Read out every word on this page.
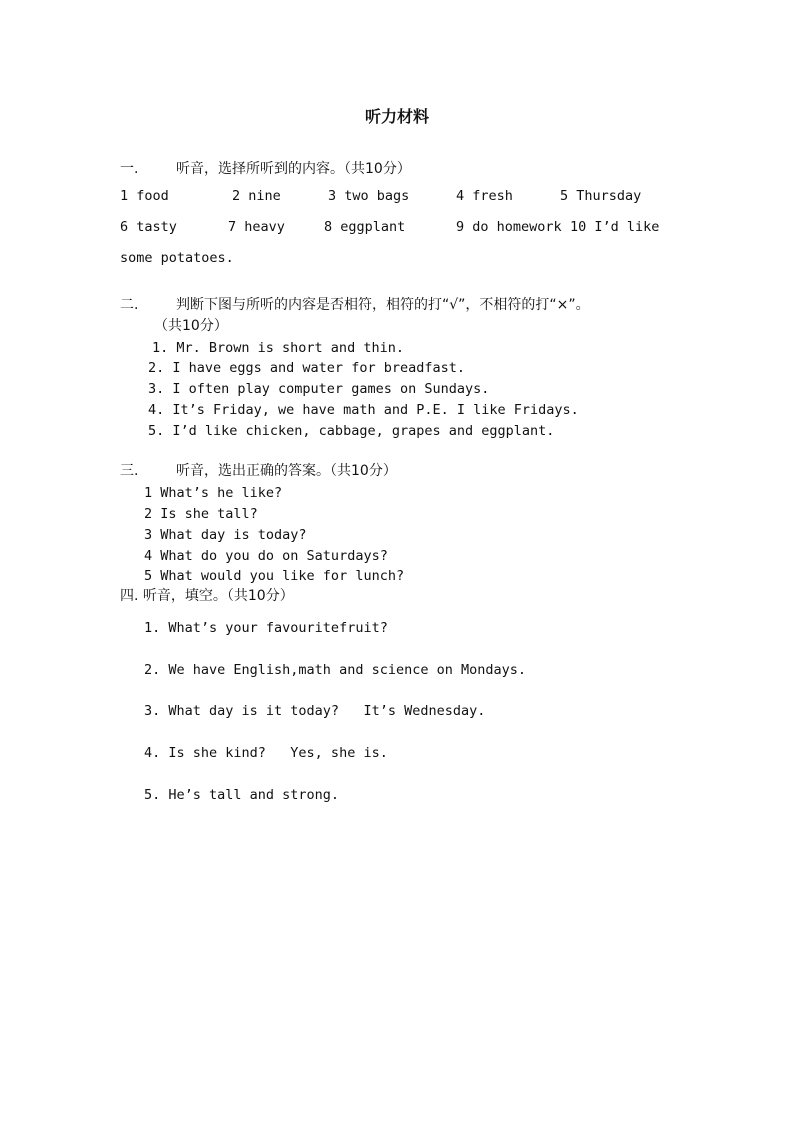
听力材料
一.	听音，选择所听到的内容。（共10分）
1 food	2 nine	3 two bags	4 fresh	5 Thursday
6 tasty	7 heavy	8 eggplant	9 do homework 10 I’d like
some potatoes.
二.	判断下图与所听的内容是否相符，相符的打“√”，不相符的打“×”。
（共10分）
1. Mr. Brown is short and thin.
2. I have eggs and water for breadfast.
3. I often play computer games on Sundays.
4. It’s Friday, we have math and P.E. I like Fridays.
5. I’d like chicken, cabbage, grapes and eggplant.
三.	听音，选出正确的答案。（共10分）
1 What’s he like?
2 Is she tall?
3 What day is today?
4 What do you do on Saturdays?
5 What would you like for lunch?
四. 听音，填空。（共10分）
1. What’s your favouritefruit?
2. We have English,math and science on Mondays.
3. What day is it today?   It’s Wednesday.
4. Is she kind?   Yes, she is.
5. He’s tall and strong.
